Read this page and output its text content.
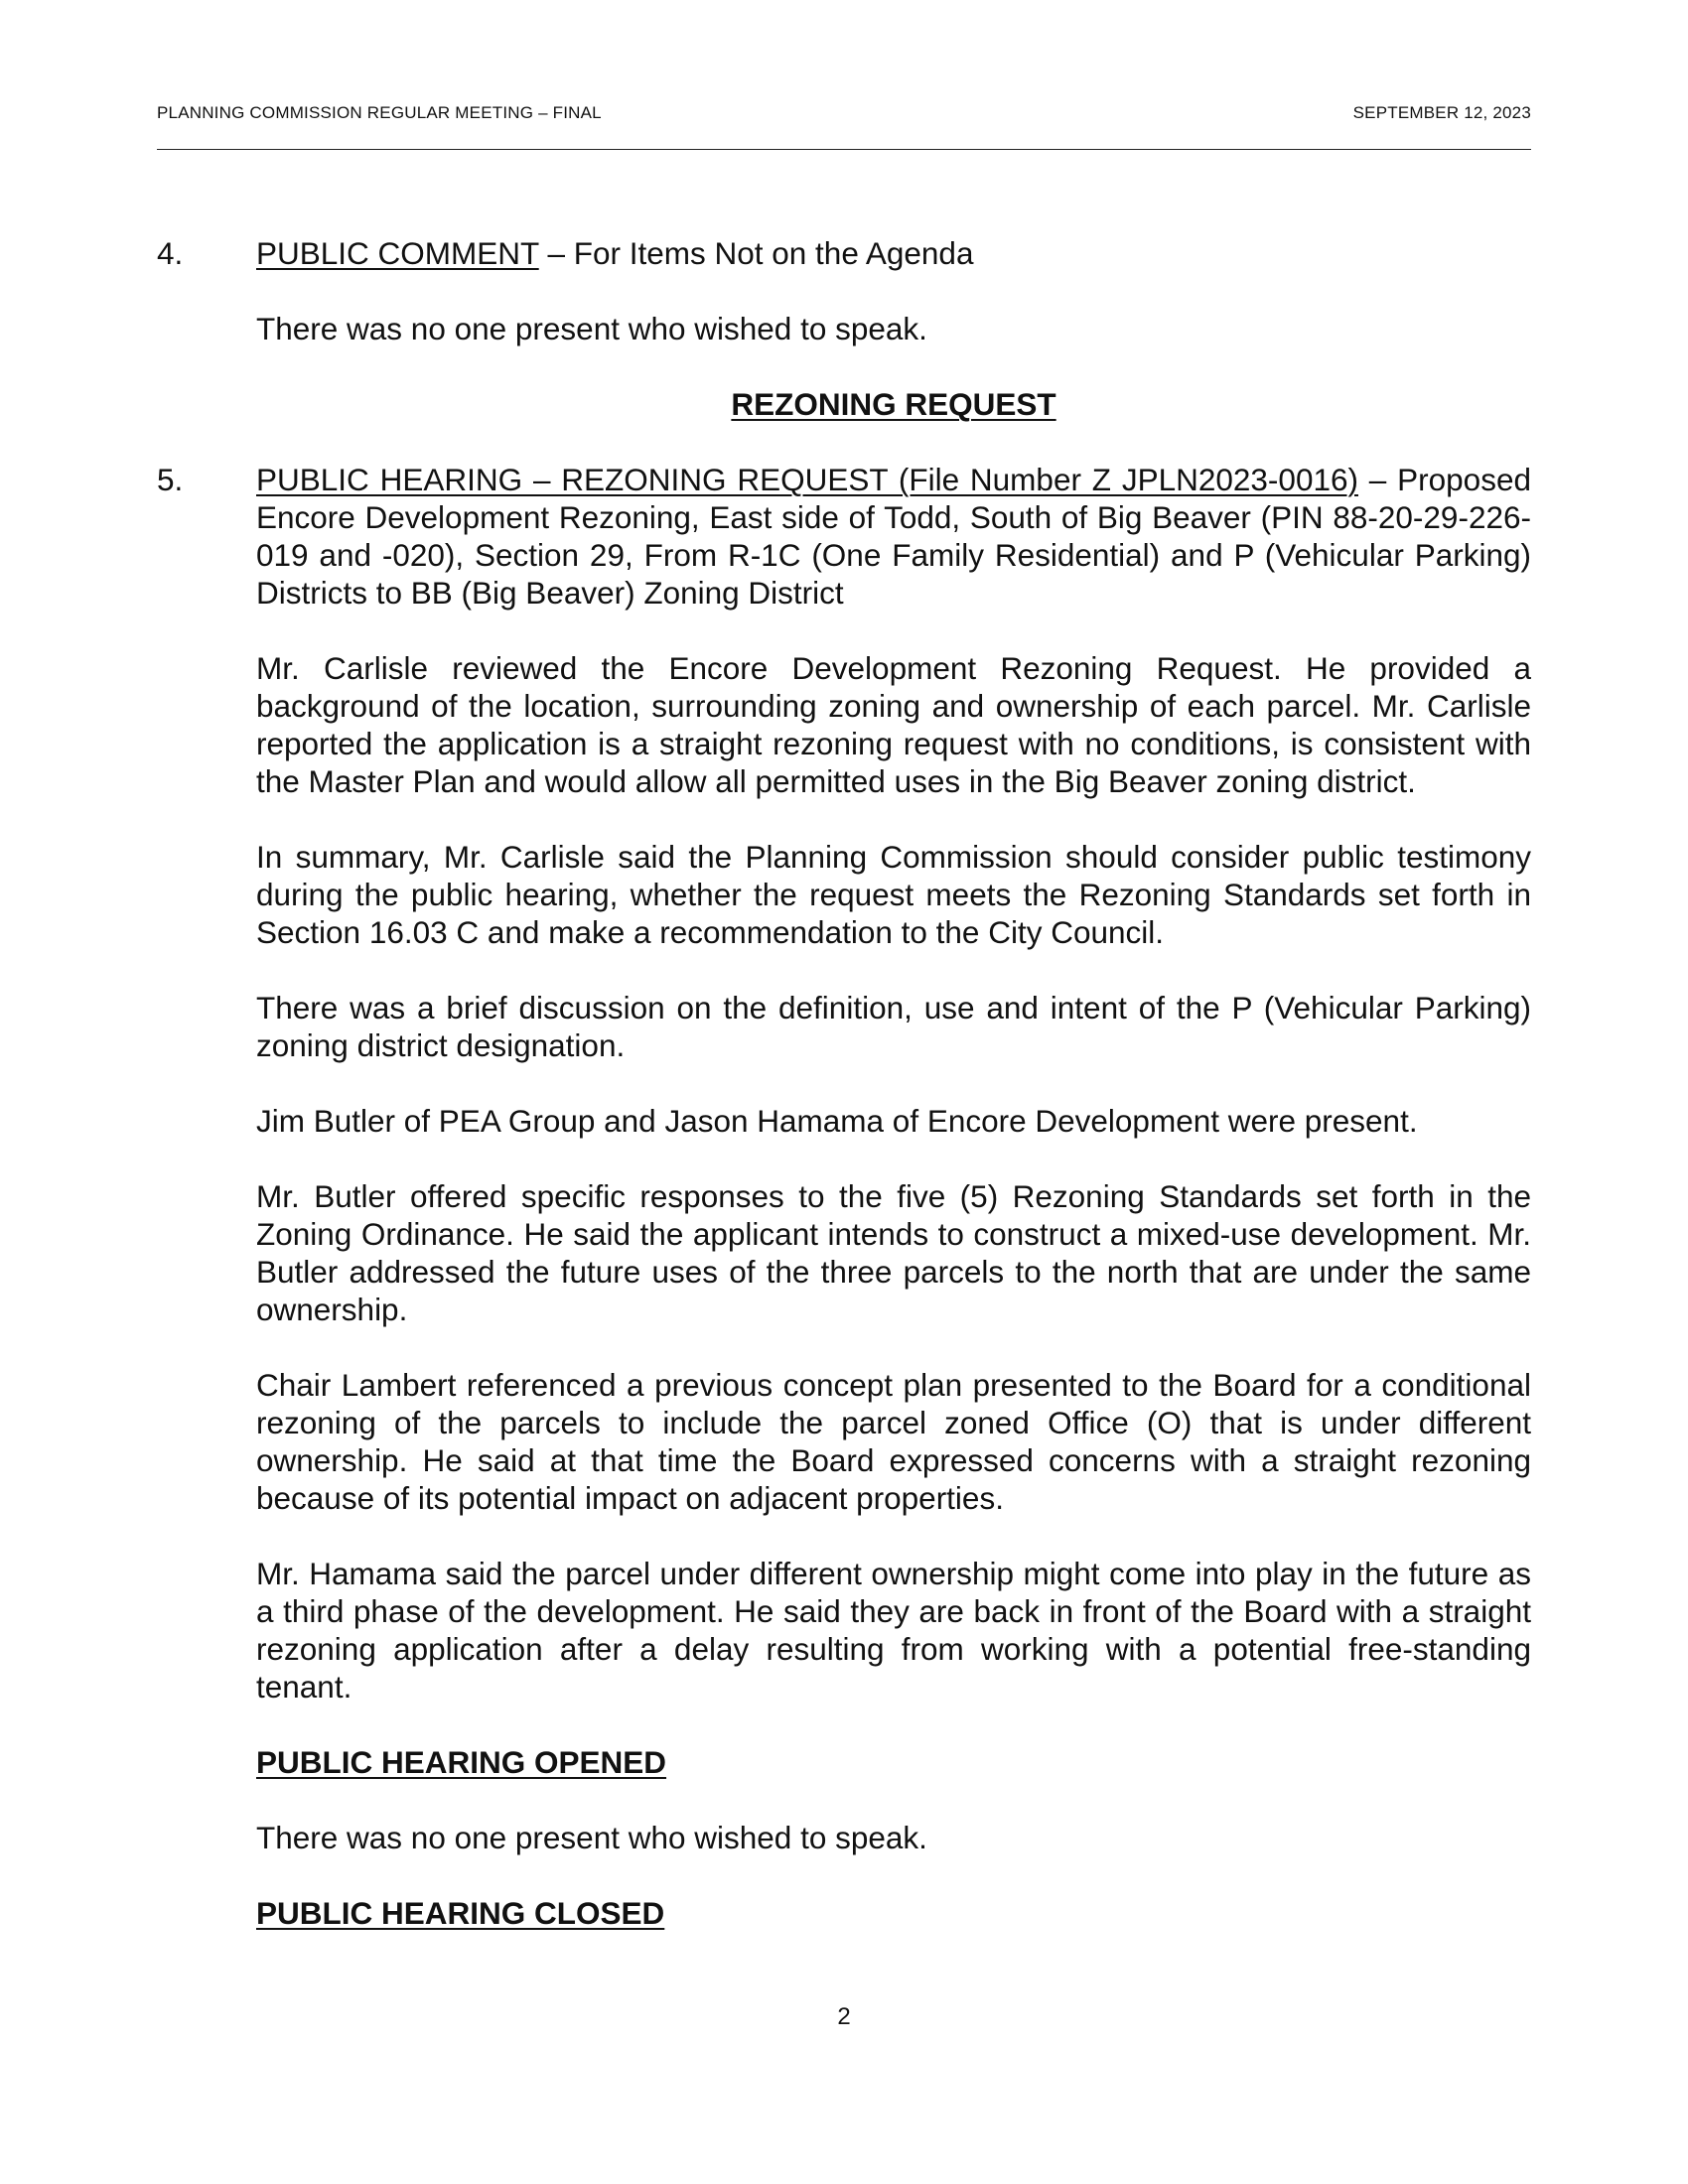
PLANNING COMMISSION REGULAR MEETING – FINAL	SEPTEMBER 12, 2023
4. PUBLIC COMMENT – For Items Not on the Agenda

There was no one present who wished to speak.

REZONING REQUEST
5. PUBLIC HEARING – REZONING REQUEST (File Number Z JPLN2023-0016) – Proposed Encore Development Rezoning, East side of Todd, South of Big Beaver (PIN 88-20-29-226-019 and -020), Section 29, From R-1C (One Family Residential) and P (Vehicular Parking) Districts to BB (Big Beaver) Zoning District

Mr. Carlisle reviewed the Encore Development Rezoning Request. He provided a background of the location, surrounding zoning and ownership of each parcel. Mr. Carlisle reported the application is a straight rezoning request with no conditions, is consistent with the Master Plan and would allow all permitted uses in the Big Beaver zoning district.

In summary, Mr. Carlisle said the Planning Commission should consider public testimony during the public hearing, whether the request meets the Rezoning Standards set forth in Section 16.03 C and make a recommendation to the City Council.

There was a brief discussion on the definition, use and intent of the P (Vehicular Parking) zoning district designation.

Jim Butler of PEA Group and Jason Hamama of Encore Development were present.

Mr. Butler offered specific responses to the five (5) Rezoning Standards set forth in the Zoning Ordinance. He said the applicant intends to construct a mixed-use development. Mr. Butler addressed the future uses of the three parcels to the north that are under the same ownership.

Chair Lambert referenced a previous concept plan presented to the Board for a conditional rezoning of the parcels to include the parcel zoned Office (O) that is under different ownership. He said at that time the Board expressed concerns with a straight rezoning because of its potential impact on adjacent properties.

Mr. Hamama said the parcel under different ownership might come into play in the future as a third phase of the development. He said they are back in front of the Board with a straight rezoning application after a delay resulting from working with a potential free-standing tenant.

PUBLIC HEARING OPENED

There was no one present who wished to speak.

PUBLIC HEARING CLOSED
2
